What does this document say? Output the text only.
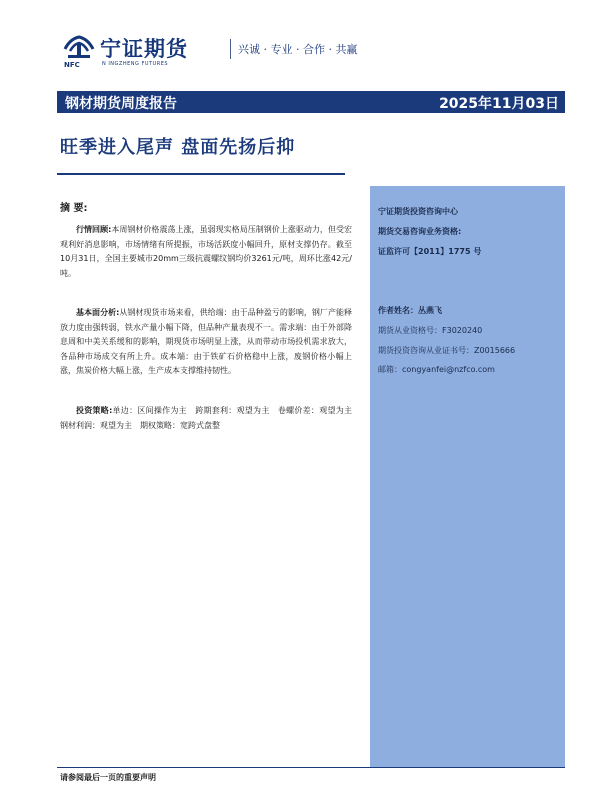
宁证期货
NFC	N INGZHENG FUTURES
兴诚 · 专业 · 合作 · 共赢
钢材期货周度报告	2025年11月03日
旺季进入尾声 盘面先扬后抑
摘 要:
行情回顾:本周钢材价格震荡上涨，虽弱现实格局压制钢价上涨驱动力，但受宏观利好消息影响，市场情绪有所提振，市场活跃度小幅回升，原材支撑仍存。截至10月31日，全国主要城市20mm三级抗震螺纹钢均价3261元/吨，周环比涨42元/吨。
基本面分析:从钢材现货市场来看，供给端：由于品种盈亏的影响，钢厂产能释放力度由强转弱，铁水产量小幅下降，但品种产量表现不一。需求端：由于外部降息周和中美关系缓和的影响，期现货市场明显上涨，从而带动市场投机需求放大，各品种市场成交有所上升。成本端：由于铁矿石价格稳中上涨，废钢价格小幅上涨，焦炭价格大幅上涨，生产成本支撑维持韧性。
投资策略:单边：区间操作为主　跨期套利：观望为主　卷螺价差：观望为主　钢材利润：观望为主　期权策略：宽跨式盘整
宁证期货投资咨询中心
期货交易咨询业务资格:
证监许可【2011】1775 号
作者姓名：丛燕飞
期货从业资格号：F3020240
期货投资咨询从业证书号：Z0015666
邮箱：congyanfei@nzfco.com
请参阅最后一页的重要声明
